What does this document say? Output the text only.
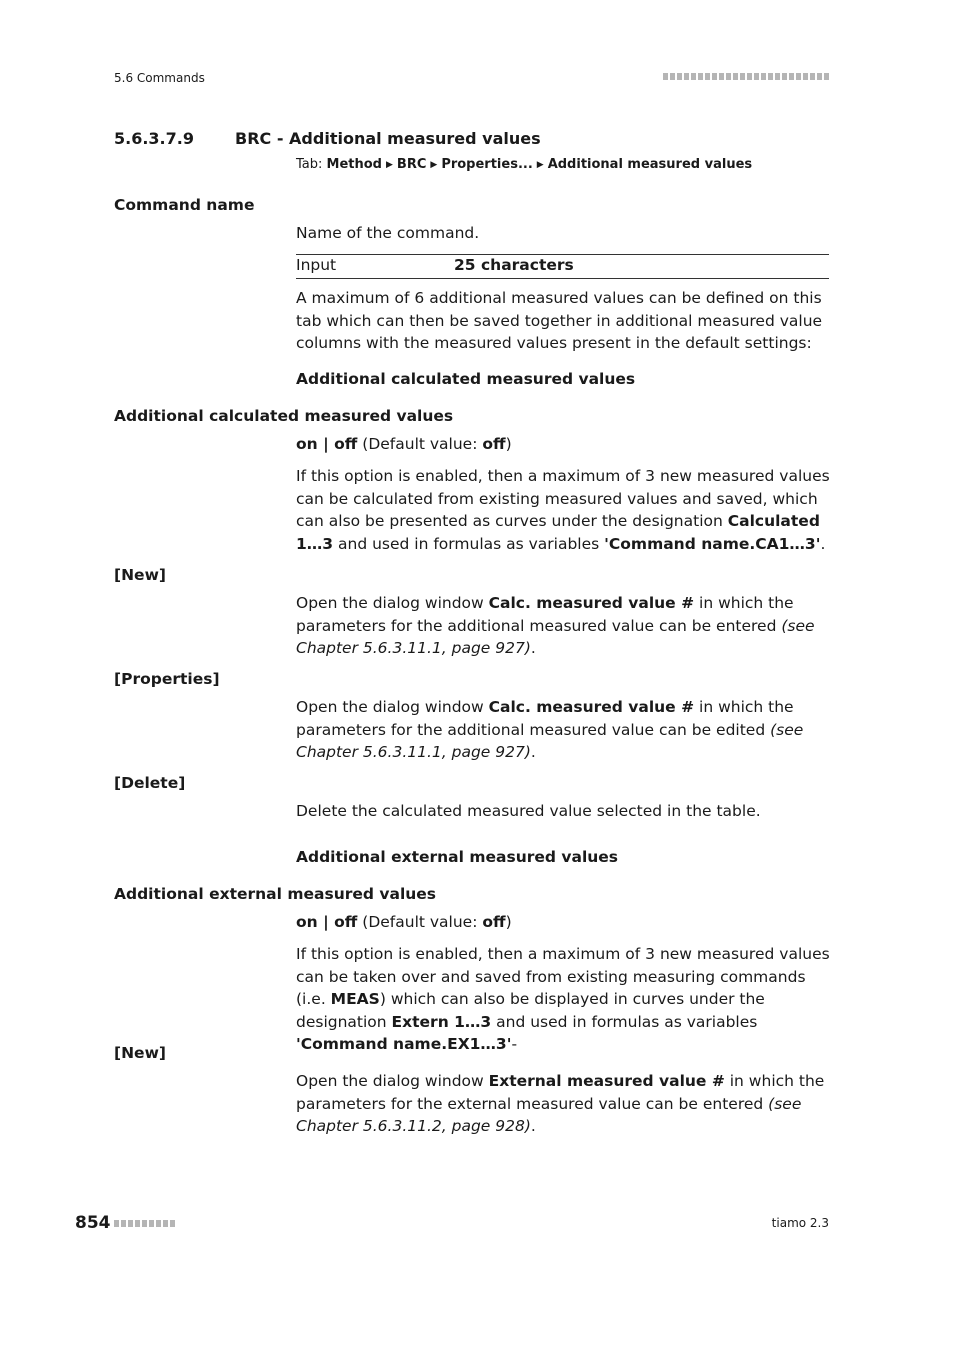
5.6 Commands
5.6.3.7.9	BRC - Additional measured values
Tab: Method ▶ BRC ▶ Properties... ▶ Additional measured values
Command name
Name of the command.
Input	25 characters
A maximum of 6 additional measured values can be defined on this tab which can then be saved together in additional measured value columns with the measured values present in the default settings:
Additional calculated measured values
Additional calculated measured values
on | off (Default value: off)
If this option is enabled, then a maximum of 3 new measured values can be calculated from existing measured values and saved, which can also be presented as curves under the designation Calculated 1…3 and used in formulas as variables 'Command name.CA1…3'.
[New]
Open the dialog window Calc. measured value # in which the parameters for the additional measured value can be entered (see Chapter 5.6.3.11.1, page 927).
[Properties]
Open the dialog window Calc. measured value # in which the parameters for the additional measured value can be edited (see Chapter 5.6.3.11.1, page 927).
[Delete]
Delete the calculated measured value selected in the table.
Additional external measured values
Additional external measured values
on | off (Default value: off)
If this option is enabled, then a maximum of 3 new measured values can be taken over and saved from existing measuring commands (i.e. MEAS) which can also be displayed in curves under the designation Extern 1…3 and used in formulas as variables 'Command name.EX1…3'-
[New]
Open the dialog window External measured value # in which the parameters for the external measured value can be entered (see Chapter 5.6.3.11.2, page 928).
854	tiamo 2.3
